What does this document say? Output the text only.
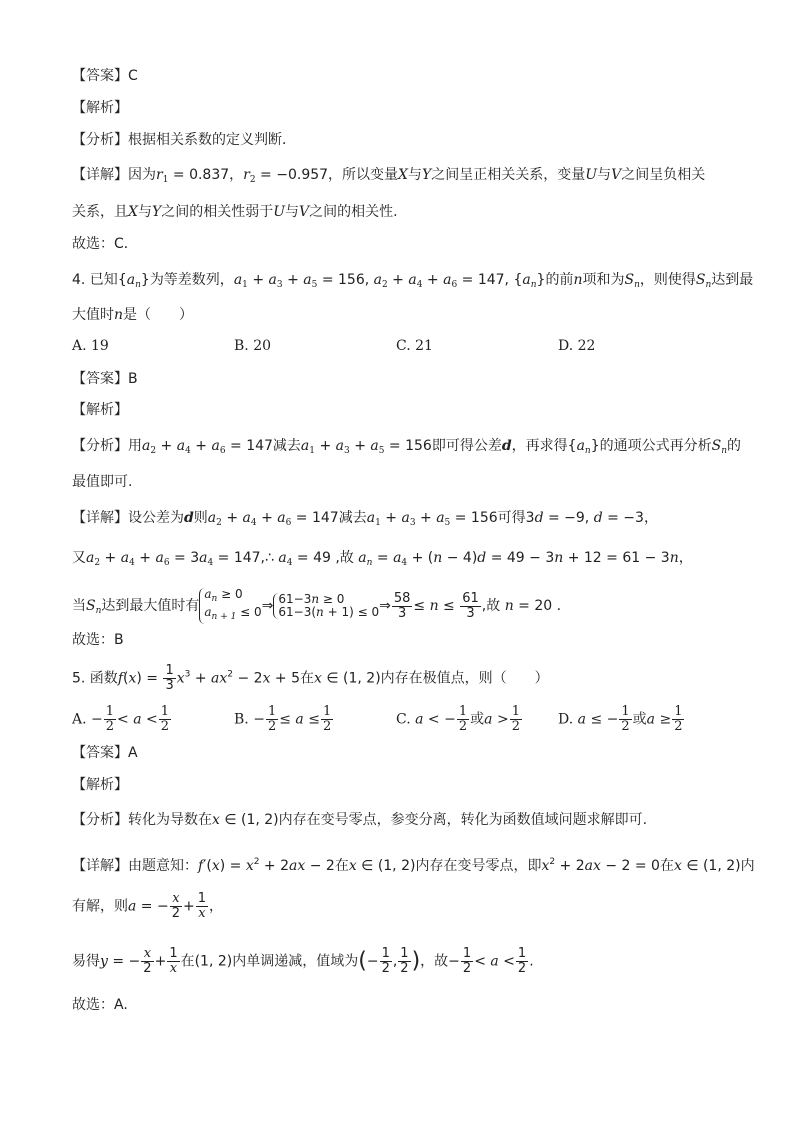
【答案】C
【解析】
【分析】根据相关系数的定义判断．
【详解】因为$r_1 = 0.837$，$r_2 = -0.957$，所以变量X与Y之间呈正相关关系，变量U与V之间呈负相关
关系，且X与Y之间的相关性弱于U与V之间的相关性.
故选：C．
4. 已知$\{a_n\}$为等差数列，$a_1 + a_3 + a_5 = 156$, $a_2 + a_4 + a_6 = 147$, $\{a_n\}$的前n项和为$S_n$，则使得$S_n$达到最
大值时n是（　　）
A. 19	B. 20	C. 21	D. 22
【答案】B
【解析】
【分析】用$a_2 + a_4 + a_6 = 147$减去$a_1 + a_3 + a_5 = 156$即可得公差d，再求得$\{a_n\}$的通项公式再分析$S_n$的
最值即可.
【详解】设公差为d则$a_2 + a_4 + a_6 = 147$减去$a_1 + a_3 + a_5 = 156$可得3d = −9, d = −3，
又$a_2 + a_4 + a_6 = 3a_4$ = 147,∴ $a_4 = 49$ ,故 $a_n = a_4 + (n - 4)d = 49 - 3n + 12 = 61 - 3n$，
当$S_n$达到最大值时有$a_n \ge 0$
$a_{n + 1}$ ≤ 0⇒ 61−3n ≥ 0
61−3(n + 1) ≤ 0⇒ $\frac{58}{3} \le n \le \frac{61}{3}$ ,故 n = 20 .
故选：B
5. 函数$f(x) = \frac{1}{3} x^3 + ax^2 - 2x + 5$在x ∈ (1, 2)内存在极值点，则（　　）
A. − $\frac{1}{2} < a < \frac{1}{2}$	B. − $\frac{1}{2} \le a \le \frac{1}{2}$	C. a < − $\frac{1}{2}$ 或$a > \frac{1}{2}$	D. a ≤ − $\frac{1}{2}$ 或$a \ge \frac{1}{2}$
【答案】A
【解析】
【分析】转化为导数在x ∈ (1, 2)内存在变号零点，参变分离，转化为函数值域问题求解即可.
【详解】由题意知：$f'(x) = x^2 + 2ax - 2$在x ∈ (1, 2)内存在变号零点，即$x^2 + 2ax - 2 = 0$在x ∈ (1, 2)内
有解，则a = − $\frac{x}{2} + \frac{1}{x}$ ，
易得y = − $\frac{x}{2} + \frac{1}{x}$ 在(1, 2)内单调递减，值域为(− $\frac{1}{2}$ , $\frac{1}{2}$ )，故− $\frac{1}{2} < a < \frac{1}{2}$ .
故选：A.
